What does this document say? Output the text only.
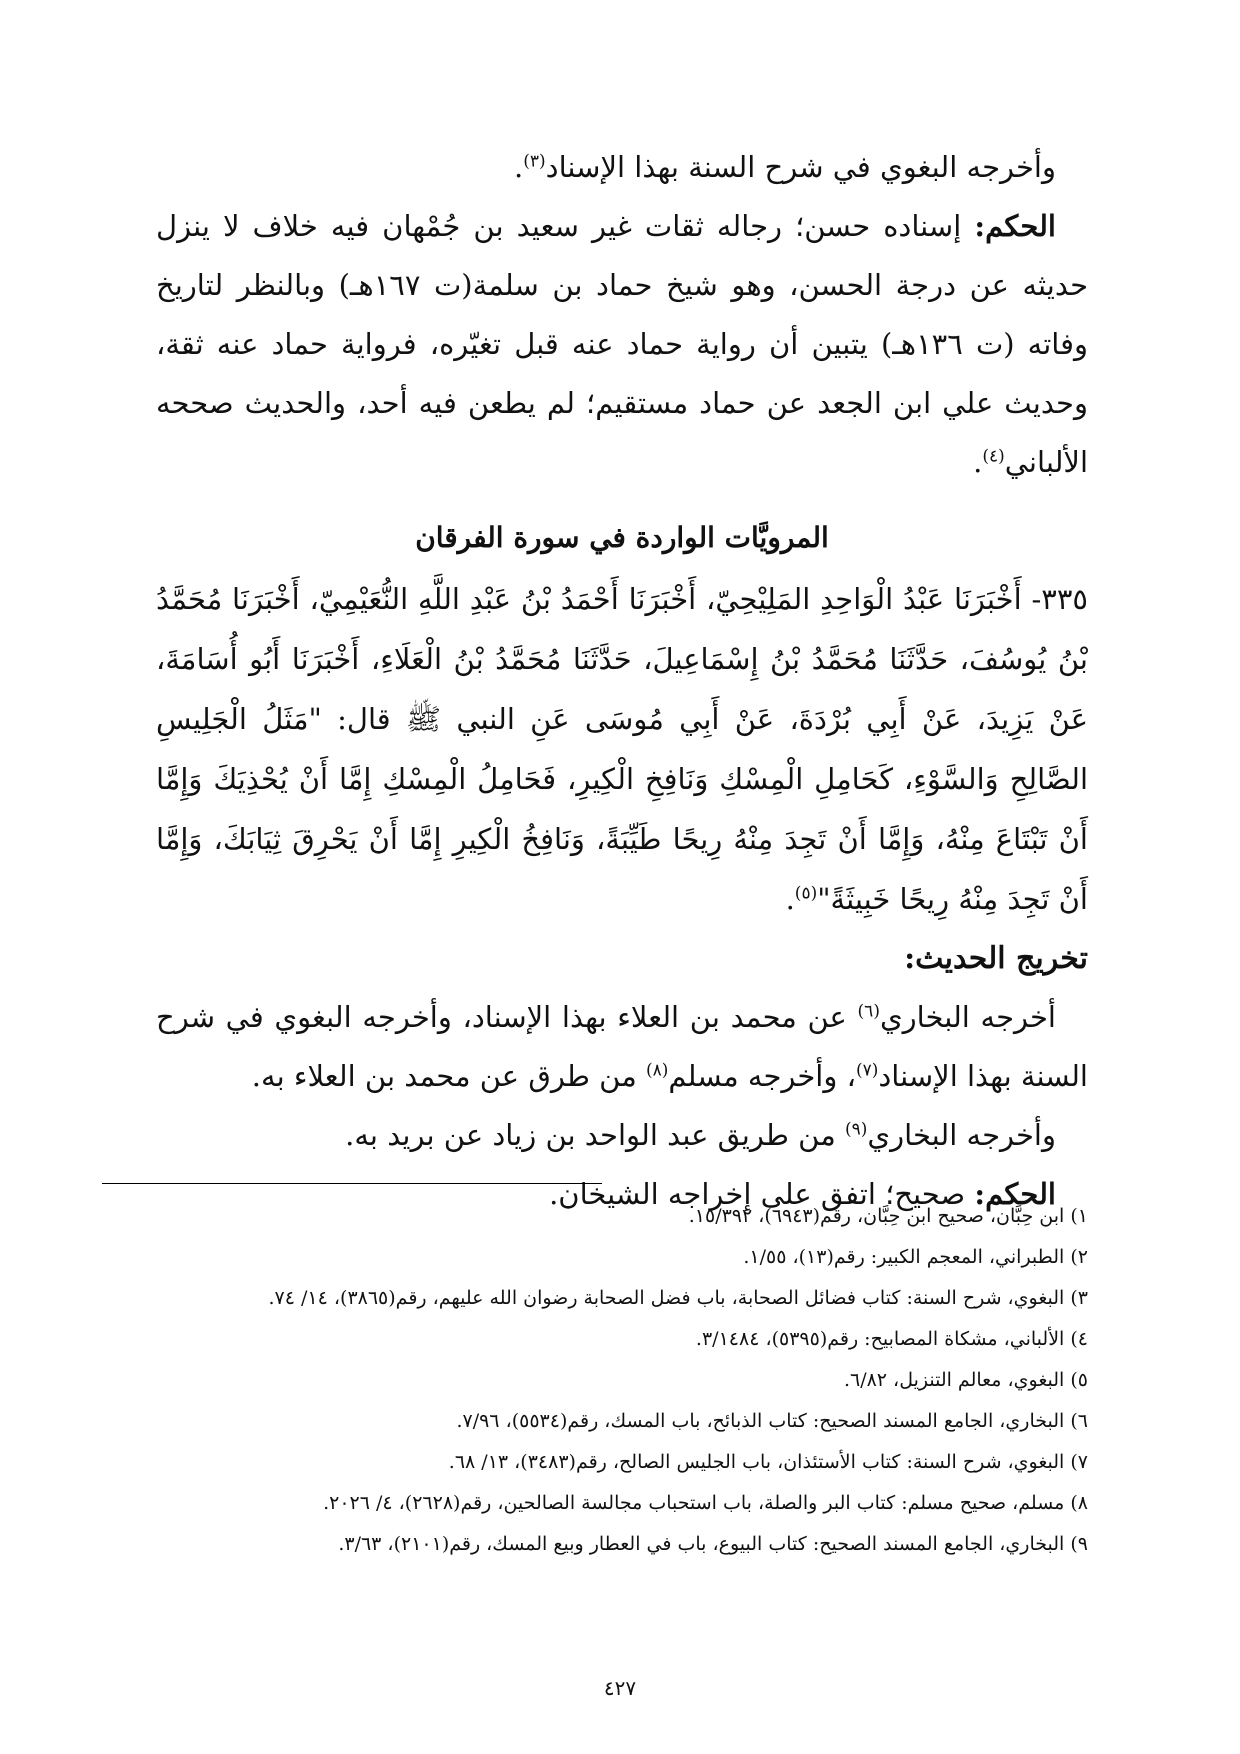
وأخرجه البغوي في شرح السنة بهذا الإسناد$^{(٣)}$.

الحكم: إسناده حسن؛ رجاله ثقات غير سعيد بن جُمْهان فيه خلاف لا ينزل حديثه عن درجة الحسن، وهو شيخ حماد بن سلمة(ت ١٦٧هـ) وبالنظر لتاريخ وفاته (ت ١٣٦هـ) يتبين أن رواية حماد عنه قبل تغيّره، فرواية حماد عنه ثقة، وحديث علي ابن الجعد عن حماد مستقيم؛ لم يطعن فيه أحد، والحديث صححه الألباني$^{(٤)}$.

المرويَّات الواردة في سورة الفرقان

٣٣٥- أَخْبَرَنَا عَبْدُ الْوَاحِدِ المَلِيْحِيّ، أَخْبَرَنَا أَحْمَدُ بْنُ عَبْدِ اللَّهِ النُّعَيْمِيّ، أَخْبَرَنَا مُحَمَّدُ بْنُ يُوسُفَ، حَدَّثَنَا مُحَمَّدُ بْنُ إِسْمَاعِيلَ، حَدَّثَنَا مُحَمَّدُ بْنُ الْعَلَاءِ، أَخْبَرَنَا أَبُو أُسَامَةَ، عَنْ يَزِيدَ، عَنْ أَبِي بُرْدَةَ، عَنْ أَبِي مُوسَى عَنِ النبي ﷺ قال: "مَثَلُ الْجَلِيسِ الصَّالِحِ وَالسَّوْءِ، كَحَامِلِ الْمِسْكِ وَنَافِخِ الْكِيرِ، فَحَامِلُ الْمِسْكِ إِمَّا أَنْ يُحْذِيَكَ وَإِمَّا أَنْ تَبْتَاعَ مِنْهُ، وَإِمَّا أَنْ تَجِدَ مِنْهُ رِيحًا طَيِّبَةً، وَنَافِخُ الْكِيرِ إِمَّا أَنْ يَحْرِقَ ثِيَابَكَ، وَإِمَّا أَنْ تَجِدَ مِنْهُ رِيحًا خَبِيثَةً"$^{(٥)}$.

تخريج الحديث:

أخرجه البخاري$^{(٦)}$ عن محمد بن العلاء بهذا الإسناد، وأخرجه البغوي في شرح السنة بهذا الإسناد$^{(٧)}$، وأخرجه مسلم$^{(٨)}$ من طرق عن محمد بن العلاء به.

وأخرجه البخاري$^{(٩)}$ من طريق عبد الواحد بن زياد عن بريد به.

الحكم: صحيح؛ اتفق على إخراجه الشيخان.

١) ابن حِبَّان، صحيح ابن حِبَّان، رقم(٦٩٤٣)، ١٥/٣٩٢.
٢) الطبراني، المعجم الكبير: رقم(١٣)، ١/٥٥.
٣) البغوي، شرح السنة: كتاب فضائل الصحابة، باب فضل الصحابة رضوان الله عليهم، رقم(٣٨٦٥)، ١٤/ ٧٤.
٤) الألباني، مشكاة المصابيح: رقم(٥٣٩٥)، ٣/١٤٨٤.
٥) البغوي، معالم التنزيل، ٦/٨٢.
٦) البخاري، الجامع المسند الصحيح: كتاب الذبائح، باب المسك، رقم(٥٥٣٤)، ٧/٩٦.
٧) البغوي، شرح السنة: كتاب الأستئذان، باب الجليس الصالح، رقم(٣٤٨٣)، ١٣/ ٦٨.
٨) مسلم، صحيح مسلم: كتاب البر والصلة، باب استحباب مجالسة الصالحين، رقم(٢٦٢٨)، ٤/ ٢٠٢٦.
٩) البخاري، الجامع المسند الصحيح: كتاب البيوع، باب في العطار وبيع المسك، رقم(٢١٠١)، ٣/٦٣.
٤٢٧
